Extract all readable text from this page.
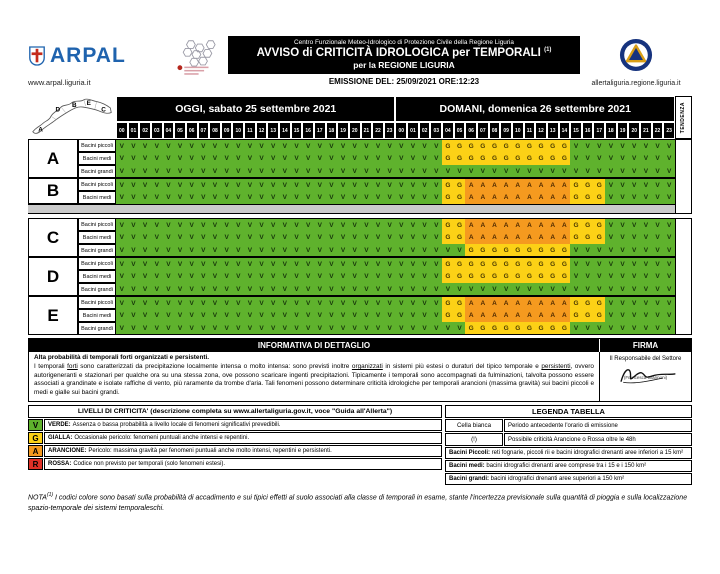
ARPAL
www.arpal.liguria.it
Centro Funzionale Meteo-Idrologico di Protezione Civile della Regione Liguria
AVVISO di CRITICITÀ IDROLOGICA per TEMPORALI $^{(1)}$
per la REGIONE LIGURIA
EMISSIONE DEL: 25/09/2021 ORE:12:23	allertaliguria.regione.liguria.it
A
D
B E
C	OGGI, sabato 25 settembre 2021	DOMANI, domenica 26 settembre 2021	TENDENZA
00	01	02	03	04	05	06	07	08	09	10	11	12	13	14	15	16	17	18	19	20	21	22	23	00	01	02	03	04	05	06	07	08	09	10	11	12	13	14	15	16	17	18	19	20	21	22	23
A
Bacini piccoli	V	V	V	V	V	V	V	V	V	V	V	V	V	V	V	V	V	V	V	V	V	V	V	V	V	V	V	V	G	G	G	G	G	G	G	G	G	G	G	V	V	V	V	V	V	V	V	V
Bacini medi	V	V	V	V	V	V	V	V	V	V	V	V	V	V	V	V	V	V	V	V	V	V	V	V	V	V	V	V	G	G	G	G	G	G	G	G	G	G	G	V	V	V	V	V	V	V	V	V
Bacini grandi	V	V	V	V	V	V	V	V	V	V	V	V	V	V	V	V	V	V	V	V	V	V	V	V	V	V	V	V	V	V	V	V	V	V	V	V	V	V	V	V	V	V	V	V	V	V	V	V
B	Bacini piccoli	V	V	V	V	V	V	V	V	V	V	V	V	V	V	V	V	V	V	V	V	V	V	V	V	V	V	V	V	G	G	A	A	A	A	A	A	A	A	A	G	G	G	V	V	V	V	V	V
Bacini medi	V	V	V	V	V	V	V	V	V	V	V	V	V	V	V	V	V	V	V	V	V	V	V	V	V	V	V	V	G	G	A	A	A	A	A	A	A	A	A	G	G	G	V	V	V	V	V	V
C
Bacini piccoli	V	V	V	V	V	V	V	V	V	V	V	V	V	V	V	V	V	V	V	V	V	V	V	V	V	V	V	V	G	G	A	A	A	A	A	A	A	A	A	G	G	G	V	V	V	V	V	V
Bacini medi	V	V	V	V	V	V	V	V	V	V	V	V	V	V	V	V	V	V	V	V	V	V	V	V	V	V	V	V	G	G	A	A	A	A	A	A	A	A	A	G	G	G	V	V	V	V	V	V
Bacini grandi	V	V	V	V	V	V	V	V	V	V	V	V	V	V	V	V	V	V	V	V	V	V	V	V	V	V	V	V	V	V	G	G	G	G	G	G	G	G	G	V	V	V	V	V	V	V	V	V
D
Bacini piccoli	V	V	V	V	V	V	V	V	V	V	V	V	V	V	V	V	V	V	V	V	V	V	V	V	V	V	V	V	G	G	G	G	G	G	G	G	G	G	G	V	V	V	V	V	V	V	V	V
Bacini medi	V	V	V	V	V	V	V	V	V	V	V	V	V	V	V	V	V	V	V	V	V	V	V	V	V	V	V	V	G	G	G	G	G	G	G	G	G	G	G	V	V	V	V	V	V	V	V	V
Bacini grandi	V	V	V	V	V	V	V	V	V	V	V	V	V	V	V	V	V	V	V	V	V	V	V	V	V	V	V	V	V	V	V	V	V	V	V	V	V	V	V	V	V	V	V	V	V	V	V	V
E
Bacini piccoli	V	V	V	V	V	V	V	V	V	V	V	V	V	V	V	V	V	V	V	V	V	V	V	V	V	V	V	V	G	G	A	A	A	A	A	A	A	A	A	G	G	G	V	V	V	V	V	V
Bacini medi	V	V	V	V	V	V	V	V	V	V	V	V	V	V	V	V	V	V	V	V	V	V	V	V	V	V	V	V	G	G	A	A	A	A	A	A	A	A	A	G	G	G	V	V	V	V	V	V
Bacini grandi	V	V	V	V	V	V	V	V	V	V	V	V	V	V	V	V	V	V	V	V	V	V	V	V	V	V	V	V	V	V	G	G	G	G	G	G	G	G	G	V	V	V	V	V	V	V	V	V
INFORMATIVA DI DETTAGLIO	FIRMA
Alta probabilità di temporali forti organizzati e persistenti.
I temporali forti sono caratterizzati da precipitazione localmente intensa o molto intensa: sono previsti inoltre organizzati in sistemi più estesi o duraturi del tipico temporale e persistenti, ovvero autorigeneranti e stazionari per qualche ora su una stessa zona, ove possono scaricare ingenti precipitazioni. Tipicamente i temporali sono accompagnati da fulminazioni, talvolta possono essere associati a grandinate e isolate raffiche di vento, più raramente da trombe d'aria. Tali fenomeni possono determinare criticità idrologiche per temporali arancioni (massima gravità) sui bacini piccoli e medi e gialle sui bacini grandi.
Il Responsabile del Settore
(Francesca Giannoni)
LIVELLI DI CRITICITA' (descrizione completa su www.allertaliguria.gov.it, voce "Guida all'Allerta")
V	VERDE: Assenza o bassa probabilità a livello locale di fenomeni significativi prevedibili.
G	GIALLA: Occasionale pericolo: fenomeni puntuali anche intensi e repentini.
A	ARANCIONE: Pericolo: massima gravità per fenomeni puntuali anche molto intensi, repentini e persistenti.
R	ROSSA: Codice non previsto per temporali (solo fenomeni estesi).
LEGENDA TABELLA
Cella bianca	Periodo antecedente l'orario di emissione
(!)	Possibile criticità Arancione o Rossa oltre le 48h
Bacini Piccoli: reti fognarie, piccoli rii e bacini idrografici drenanti aree inferiori a 15 km²
Bacini medi: bacini idrografici drenanti aree comprese tra i 15 e i 150 km²
Bacini grandi: bacini idrografici drenanti aree superiori a 150 km²
NOTA$^{(1)}$ I codici colore sono basati sulla probabilità di accadimento e sui tipici effetti al suolo associati alla classe di temporali in esame, stante l'incertezza previsionale sulla quantità di pioggia e sulla localizzazione spazio-temporale dei sistemi temporaleschi.
